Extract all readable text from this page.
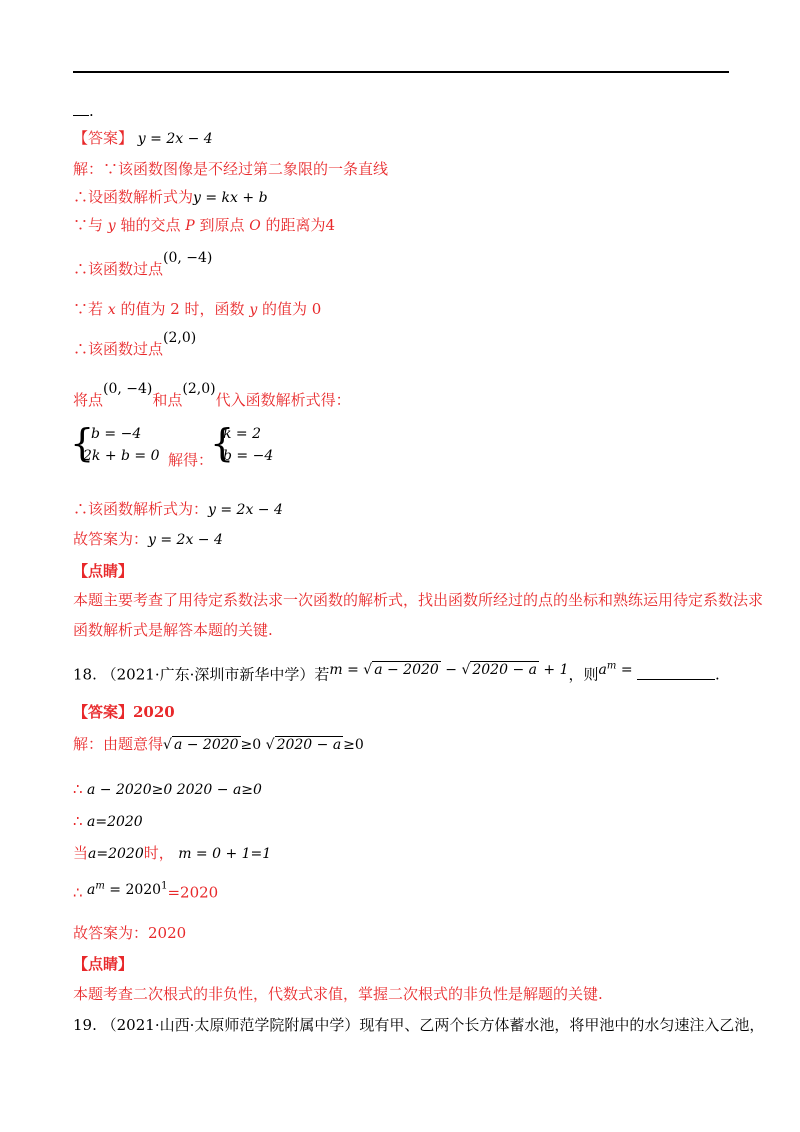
.
【答案】 y = 2x − 4
解：∵该函数图像是不经过第二象限的一条直线
∴设函数解析式为y = kx + b
∵与 y 轴的交点 P 到原点 O 的距离为4
∴该函数过点(0, −4)
∵若 x 的值为 2 时，函数 y 的值为 0
∴该函数过点(2,0)
将点(0, −4)和点(2,0)代入函数解析式得：
{
b = −4
2k + b = 0 解得：
{
k = 2
b = −4
∴该函数解析式为：y = 2x − 4
故答案为：y = 2x − 4
【点睛】
本题主要考查了用待定系数法求一次函数的解析式，找出函数所经过的点的坐标和熟练运用待定系数法求
函数解析式是解答本题的关键.
18. （2021·广东·深圳市新华中学）若m = √ a − 2020 − √ 2020 − a + 1，则$a^m$ =	.
【答案】2020
解：由题意得√ a − 2020 ≥0 √ 2020 − a ≥0
∴ a − 2020≥0 2020 − a≥0
∴ a=2020
当a=2020时， m = 0 + 1=1
∴ $a^m = 2020^1=2020$
故答案为：2020
【点睛】
本题考查二次根式的非负性，代数式求值，掌握二次根式的非负性是解题的关键.
19. （2021·山西·太原师范学院附属中学）现有甲、乙两个长方体蓄水池，将甲池中的水匀速注入乙池，
